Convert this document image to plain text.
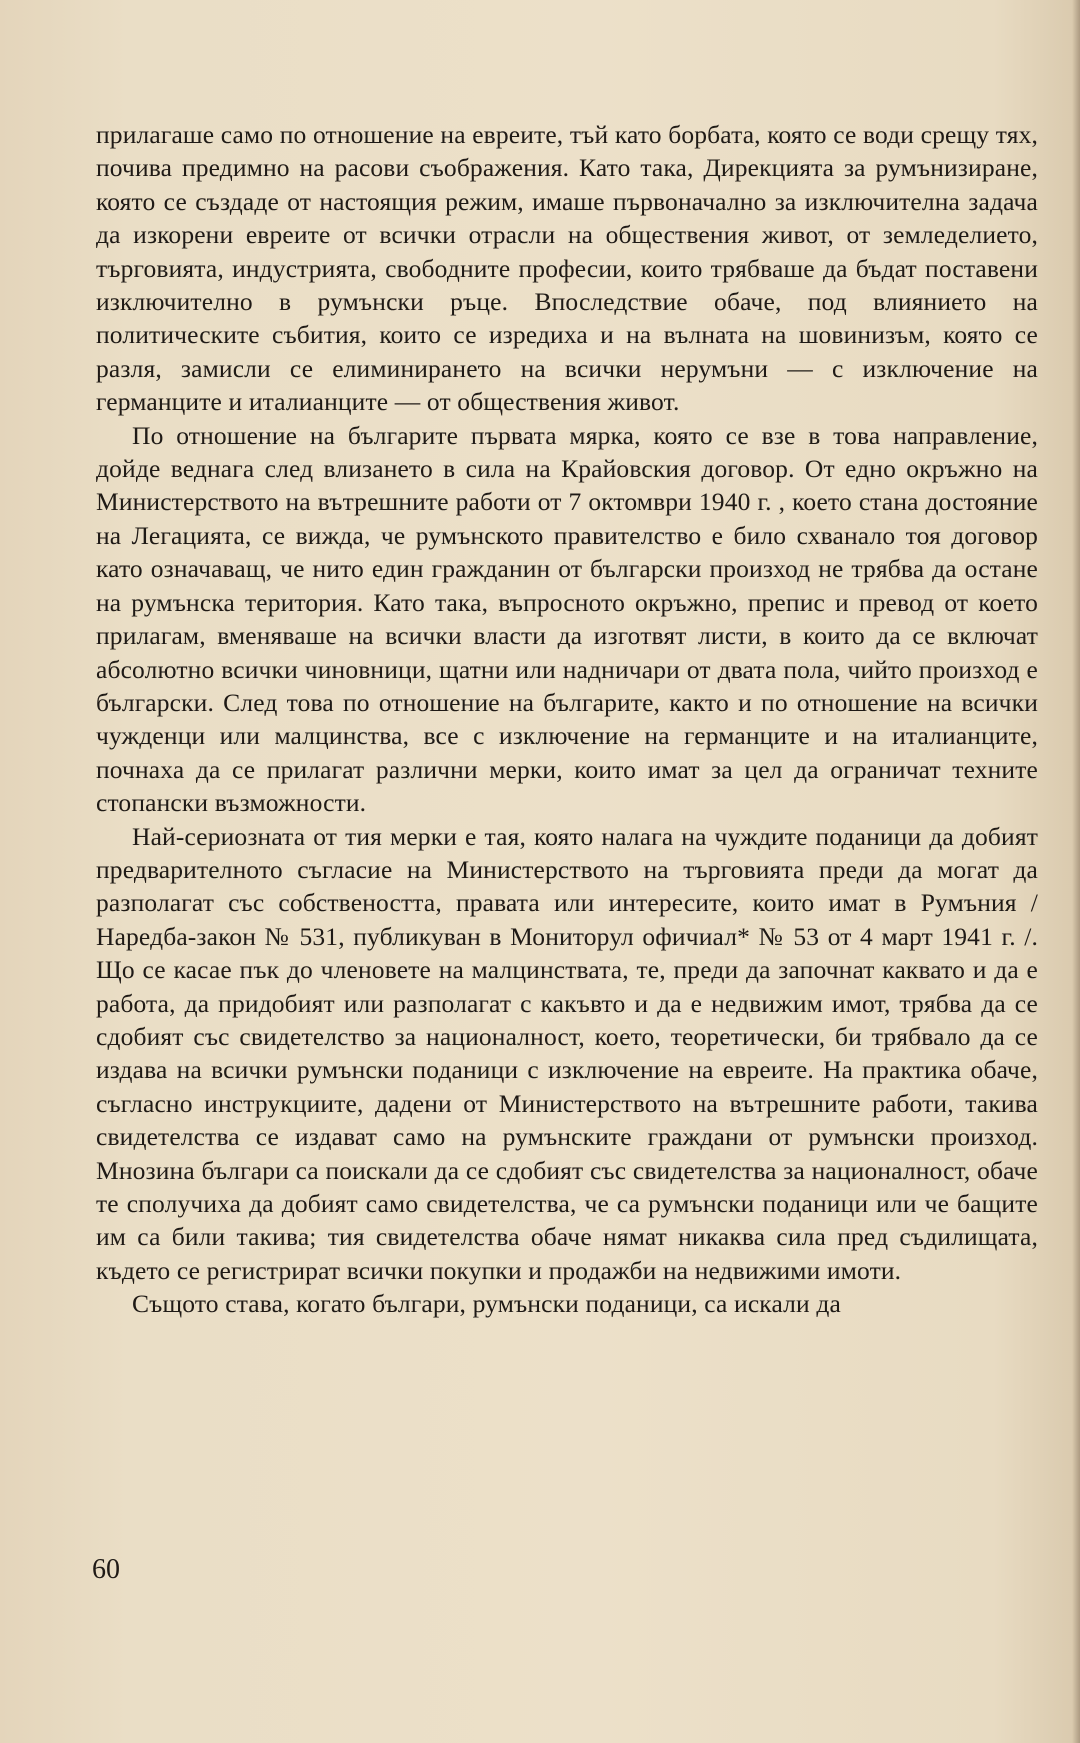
прилагаше само по отношение на евреите, тъй като борбата, която се води срещу тях, почива предимно на расови съображения. Като така, Дирекцията за румънизиране, която се създаде от настоящия режим, имаше първоначално за изключителна задача да изкорени евреите от всички отрасли на обществения живот, от земледелието, търговията, индустрията, свободните професии, които трябваше да бъдат поставени изключително в румънски ръце. Впоследствие обаче, под влиянието на политическите събития, които се изредиха и на вълната на шовинизъм, която се разля, замисли се елиминирането на всички нерумъни — с изключение на германците и италианците — от обществения живот.

По отношение на българите първата мярка, която се взе в това направление, дойде веднага след влизането в сила на Крайовския договор. От едно окръжно на Министерството на вътрешните работи от 7 октомври 1940 г. , което стана достояние на Легацията, се вижда, че румънското правителство е било схванало тоя договор като означаващ, че нито един гражданин от български произход не трябва да остане на румънска територия. Като така, въпросното окръжно, препис и превод от което прилагам, вменяваше на всички власти да изготвят листи, в които да се включат абсолютно всички чиновници, щатни или надничари от двата пола, чийто произход е български. След това по отношение на българите, както и по отношение на всички чужденци или малцинства, все с изключение на германците и на италианците, почнаха да се прилагат различни мерки, които имат за цел да ограничат техните стопански възможности.

Най-сериозната от тия мерки е тая, която налага на чуждите поданици да добият предварителното съгласие на Министерството на търговията преди да могат да разполагат със собствеността, правата или интересите, които имат в Румъния /Наредба-закон № 531, публикуван в Мониторул офичиал* № 53 от 4 март 1941 г. /. Що се касае пък до членовете на малцинствата, те, преди да започнат каквато и да е работа, да придобият или разполагат с какъвто и да е недвижим имот, трябва да се сдобият със свидетелство за националност, което, теоретически, би трябвало да се издава на всички румънски поданици с изключение на евреите. На практика обаче, съгласно инструкциите, дадени от Министерството на вътрешните работи, такива свидетелства се издават само на румънските граждани от румънски произход. Мнозина българи са поискали да се сдобият със свидетелства за националност, обаче те сполучиха да добият само свидетелства, че са румънски поданици или че бащите им са били такива; тия свидетелства обаче нямат никаква сила пред съдилищата, където се регистрират всички покупки и продажби на недвижими имоти.

Същото става, когато българи, румънски поданици, са искали да

60
